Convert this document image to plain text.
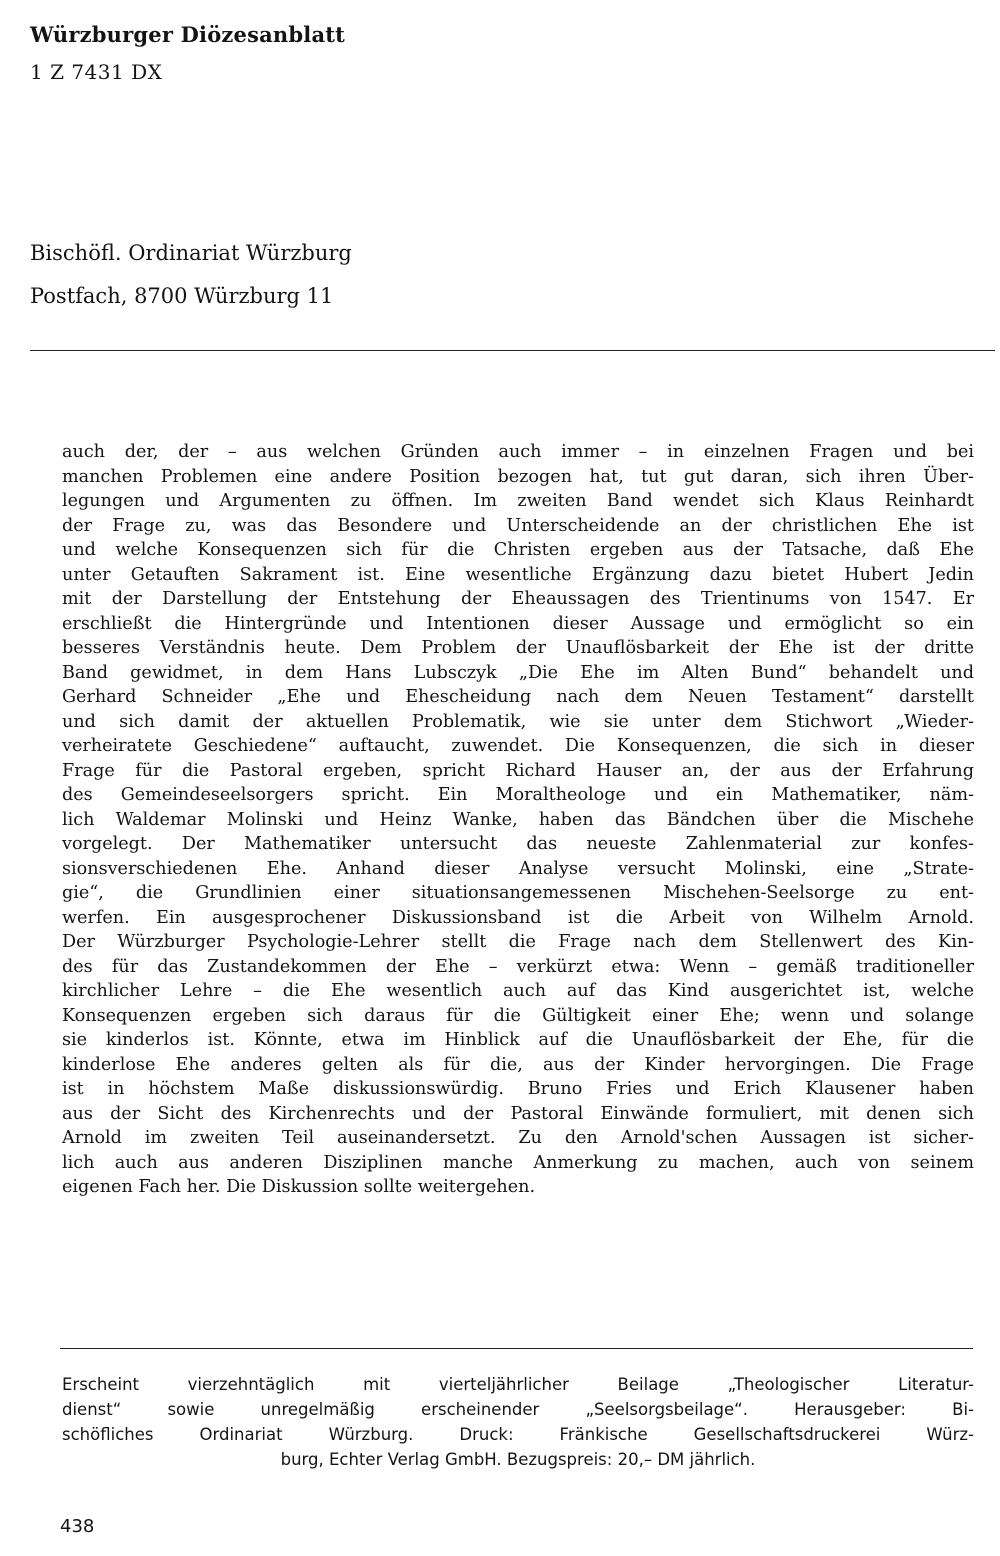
Würzburger Diözesanblatt
1 Z 7431 DX
Bischöfl. Ordinariat Würzburg
Postfach, 8700 Würzburg 11
auch der, der – aus welchen Gründen auch immer – in einzelnen Fragen und bei
manchen Problemen eine andere Position bezogen hat, tut gut daran, sich ihren Über-
legungen und Argumenten zu öffnen. Im zweiten Band wendet sich Klaus Reinhardt
der Frage zu, was das Besondere und Unterscheidende an der christlichen Ehe ist
und welche Konsequenzen sich für die Christen ergeben aus der Tatsache, daß Ehe
unter Getauften Sakrament ist. Eine wesentliche Ergänzung dazu bietet Hubert Jedin
mit der Darstellung der Entstehung der Eheaussagen des Trientinums von 1547. Er
erschließt die Hintergründe und Intentionen dieser Aussage und ermöglicht so ein
besseres Verständnis heute. Dem Problem der Unauflösbarkeit der Ehe ist der dritte
Band gewidmet, in dem Hans Lubsczyk „Die Ehe im Alten Bund“ behandelt und
Gerhard Schneider „Ehe und Ehescheidung nach dem Neuen Testament“ darstellt
und sich damit der aktuellen Problematik, wie sie unter dem Stichwort „Wieder-
verheiratete Geschiedene“ auftaucht, zuwendet. Die Konsequenzen, die sich in dieser
Frage für die Pastoral ergeben, spricht Richard Hauser an, der aus der Erfahrung
des Gemeindeseelsorgers spricht. Ein Moraltheologe und ein Mathematiker, näm-
lich Waldemar Molinski und Heinz Wanke, haben das Bändchen über die Mischehe
vorgelegt. Der Mathematiker untersucht das neueste Zahlenmaterial zur konfes-
sionsverschiedenen Ehe. Anhand dieser Analyse versucht Molinski, eine „Strate-
gie“, die Grundlinien einer situationsangemessenen Mischehen-Seelsorge zu ent-
werfen. Ein ausgesprochener Diskussionsband ist die Arbeit von Wilhelm Arnold.
Der Würzburger Psychologie-Lehrer stellt die Frage nach dem Stellenwert des Kin-
des für das Zustandekommen der Ehe – verkürzt etwa: Wenn – gemäß traditioneller
kirchlicher Lehre – die Ehe wesentlich auch auf das Kind ausgerichtet ist, welche
Konsequenzen ergeben sich daraus für die Gültigkeit einer Ehe; wenn und solange
sie kinderlos ist. Könnte, etwa im Hinblick auf die Unauflösbarkeit der Ehe, für die
kinderlose Ehe anderes gelten als für die, aus der Kinder hervorgingen. Die Frage
ist in höchstem Maße diskussionswürdig. Bruno Fries und Erich Klausener haben
aus der Sicht des Kirchenrechts und der Pastoral Einwände formuliert, mit denen sich
Arnold im zweiten Teil auseinandersetzt. Zu den Arnold'schen Aussagen ist sicher-
lich auch aus anderen Disziplinen manche Anmerkung zu machen, auch von seinem
eigenen Fach her. Die Diskussion sollte weitergehen.
Erscheint vierzehntäglich mit vierteljährlicher Beilage „Theologischer Literatur-
dienst“ sowie unregelmäßig erscheinender „Seelsorgsbeilage“. Herausgeber: Bi-
schöfliches Ordinariat Würzburg. Druck: Fränkische Gesellschaftsdruckerei Würz-
burg, Echter Verlag GmbH. Bezugspreis: 20,– DM jährlich.
438
